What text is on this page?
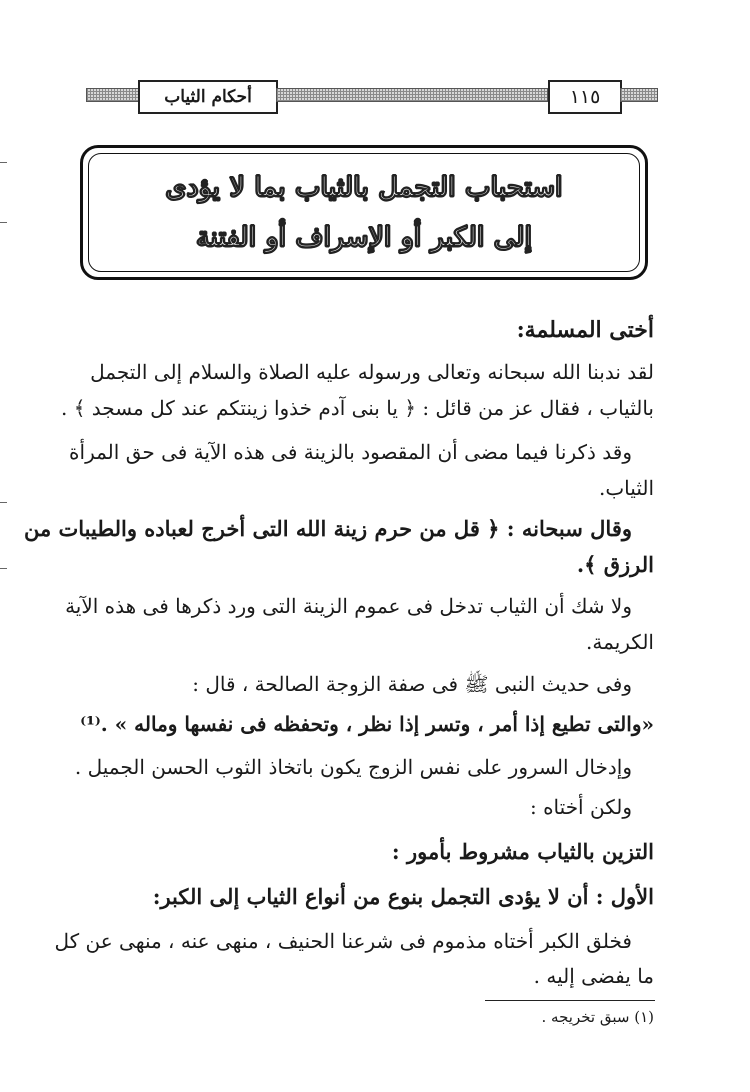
أحكام الثياب	١١٥
استحباب التجمل بالثياب بما لا يؤدى
إلى الكبر أو الإسراف أو الفتنة
أختى المسلمة:
لقد ندبنا الله سبحانه وتعالى ورسوله عليه الصلاة والسلام إلى التجمل
بالثياب ، فقال عز من قائل : ﴿ يا بنى آدم خذوا زينتكم عند كل مسجد ﴾ .
وقد ذكرنا فيما مضى أن المقصود بالزينة فى هذه الآية فى حق المرأة
الثياب.
وقال سبحانه : ﴿ قل من حرم زينة الله التى أخرج لعباده والطيبات من
الرزق ﴾.
ولا شك أن الثياب تدخل فى عموم الزينة التى ورد ذكرها فى هذه الآية
الكريمة.
وفى حديث النبى ﷺ فى صفة الزوجة الصالحة ، قال :
«والتى تطيع إذا أمر ، وتسر إذا نظر ، وتحفظه فى نفسها وماله » .⁽¹⁾
وإدخال السرور على نفس الزوج يكون باتخاذ الثوب الحسن الجميل .
ولكن أختاه :
التزين بالثياب مشروط بأمور :
الأول : أن لا يؤدى التجمل بنوع من أنواع الثياب إلى الكبر:
فخلق الكبر أختاه مذموم فى شرعنا الحنيف ، منهى عنه ، منهى عن كل
ما يفضى إليه .
(١) سبق تخريجه .
